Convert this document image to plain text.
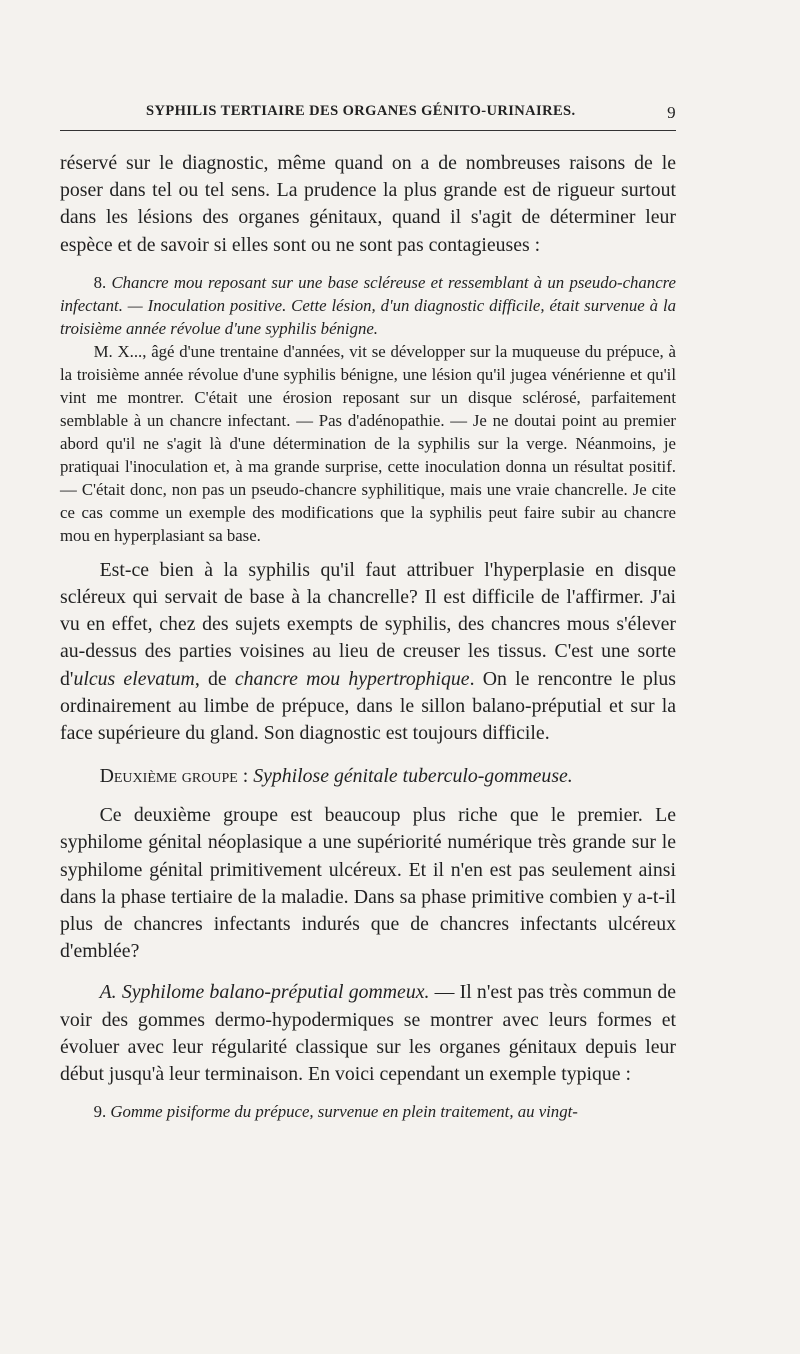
SYPHILIS TERTIAIRE DES ORGANES GÉNITO-URINAIRES.	9

réservé sur le diagnostic, même quand on a de nombreuses raisons de le poser dans tel ou tel sens. La prudence la plus grande est de rigueur surtout dans les lésions des organes génitaux, quand il s'agit de déterminer leur espèce et de savoir si elles sont ou ne sont pas contagieuses :

8. Chancre mou reposant sur une base scléreuse et ressemblant à un pseudo-chancre infectant. — Inoculation positive. Cette lésion, d'un diagnostic difficile, était survenue à la troisième année révolue d'une syphilis bénigne.

M. X..., âgé d'une trentaine d'années, vit se développer sur la muqueuse du prépuce, à la troisième année révolue d'une syphilis bénigne, une lésion qu'il jugea vénérienne et qu'il vint me montrer. C'était une érosion reposant sur un disque sclérosé, parfaitement semblable à un chancre infectant. — Pas d'adénopathie. — Je ne doutai point au premier abord qu'il ne s'agit là d'une détermination de la syphilis sur la verge. Néanmoins, je pratiquai l'inoculation et, à ma grande surprise, cette inoculation donna un résultat positif. — C'était donc, non pas un pseudo-chancre syphilitique, mais une vraie chancrelle. Je cite ce cas comme un exemple des modifications que la syphilis peut faire subir au chancre mou en hyperplasiant sa base.

Est-ce bien à la syphilis qu'il faut attribuer l'hyperplasie en disque scléreux qui servait de base à la chancrelle? Il est difficile de l'affirmer. J'ai vu en effet, chez des sujets exempts de syphilis, des chancres mous s'élever au-dessus des parties voisines au lieu de creuser les tissus. C'est une sorte d'ulcus elevatum, de chancre mou hypertrophique. On le rencontre le plus ordinairement au limbe de prépuce, dans le sillon balano-préputial et sur la face supérieure du gland. Son diagnostic est toujours difficile.

Deuxième groupe : Syphilose génitale tuberculo-gommeuse.

Ce deuxième groupe est beaucoup plus riche que le premier. Le syphilome génital néoplasique a une supériorité numérique très grande sur le syphilome génital primitivement ulcéreux. Et il n'en est pas seulement ainsi dans la phase tertiaire de la maladie. Dans sa phase primitive combien y a-t-il plus de chancres infectants indurés que de chancres infectants ulcéreux d'emblée?

A. Syphilome balano-préputial gommeux. — Il n'est pas très commun de voir des gommes dermo-hypodermiques se montrer avec leurs formes et évoluer avec leur régularité classique sur les organes génitaux depuis leur début jusqu'à leur terminaison. En voici cependant un exemple typique :

9. Gomme pisiforme du prépuce, survenue en plein traitement, au vingt-
